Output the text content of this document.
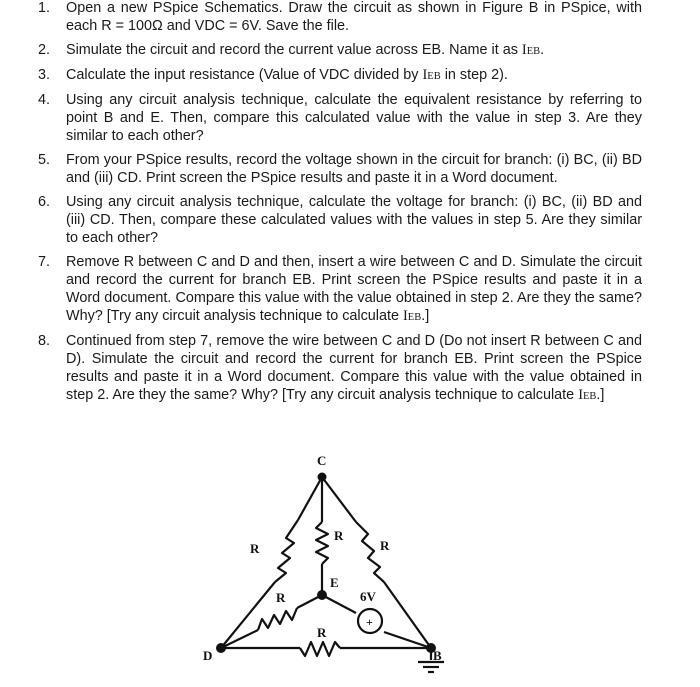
1. Open a new PSpice Schematics. Draw the circuit as shown in Figure B in PSpice, with each R = 100Ω and VDC = 6V. Save the file.
2. Simulate the circuit and record the current value across EB. Name it as IEB.
3. Calculate the input resistance (Value of VDC divided by IEB in step 2).
4. Using any circuit analysis technique, calculate the equivalent resistance by referring to point B and E. Then, compare this calculated value with the value in step 3. Are they similar to each other?
5. From your PSpice results, record the voltage shown in the circuit for branch: (i) BC, (ii) BD and (iii) CD. Print screen the PSpice results and paste it in a Word document.
6. Using any circuit analysis technique, calculate the voltage for branch: (i) BC, (ii) BD and (iii) CD. Then, compare these calculated values with the values in step 5. Are they similar to each other?
7. Remove R between C and D and then, insert a wire between C and D. Simulate the circuit and record the current for branch EB. Print screen the PSpice results and paste it in a Word document. Compare this value with the value obtained in step 2. Are they the same? Why? [Try any circuit analysis technique to calculate IEB.]
8. Continued from step 7, remove the wire between C and D (Do not insert R between C and D). Simulate the circuit and record the current for branch EB. Print screen the PSpice results and paste it in a Word document. Compare this value with the value obtained in step 2. Are they the same? Why? [Try any circuit analysis technique to calculate IEB.]
+
C
D	B
E
R
R
R
R
R
6V
